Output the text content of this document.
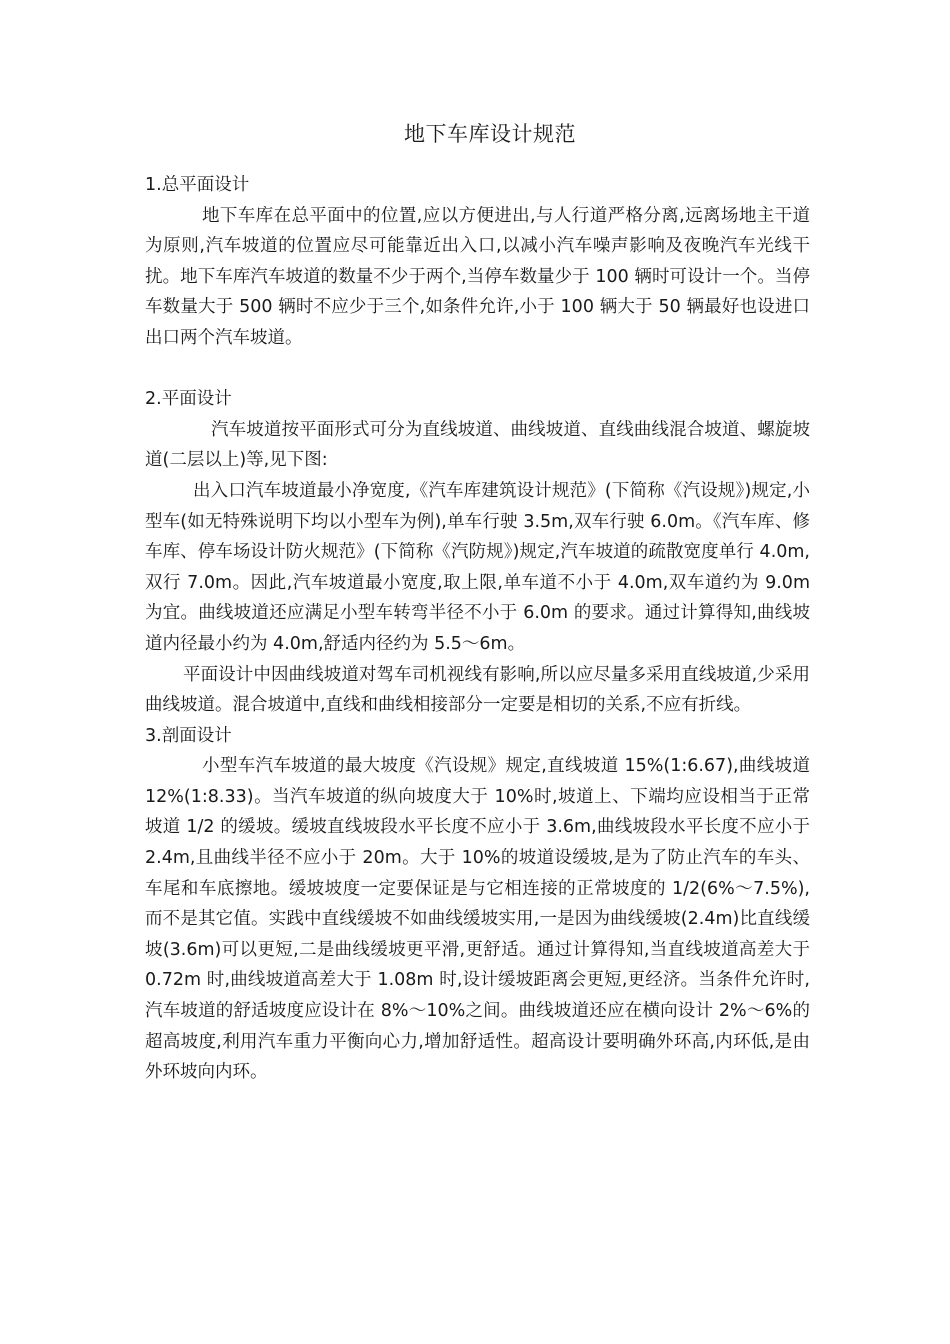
地下车库设计规范

1.总平面设计

地下车库在总平面中的位置,应以方便进出,与人行道严格分离,远离场地主干道为原则,汽车坡道的位置应尽可能靠近出入口,以减小汽车噪声影响及夜晚汽车光线干扰。地下车库汽车坡道的数量不少于两个,当停车数量少于 100 辆时可设计一个。当停车数量大于 500 辆时不应少于三个,如条件允许,小于 100 辆大于 50 辆最好也设进口出口两个汽车坡道。

2.平面设计

汽车坡道按平面形式可分为直线坡道、曲线坡道、直线曲线混合坡道、螺旋坡道(二层以上)等,见下图:

出入口汽车坡道最小净宽度,《汽车库建筑设计规范》(下简称《汽设规》)规定,小型车(如无特殊说明下均以小型车为例),单车行驶 3.5m,双车行驶 6.0m。《汽车库、修车库、停车场设计防火规范》(下简称《汽防规》)规定,汽车坡道的疏散宽度单行 4.0m,双行 7.0m。因此,汽车坡道最小宽度,取上限,单车道不小于 4.0m,双车道约为 9.0m 为宜。曲线坡道还应满足小型车转弯半径不小于 6.0m 的要求。通过计算得知,曲线坡道内径最小约为 4.0m,舒适内径约为 5.5～6m。

平面设计中因曲线坡道对驾车司机视线有影响,所以应尽量多采用直线坡道,少采用曲线坡道。混合坡道中,直线和曲线相接部分一定要是相切的关系,不应有折线。

3.剖面设计

小型车汽车坡道的最大坡度《汽设规》规定,直线坡道 15%(1:6.67),曲线坡道 12%(1:8.33)。当汽车坡道的纵向坡度大于 10%时,坡道上、下端均应设相当于正常坡道 1/2 的缓坡。缓坡直线坡段水平长度不应小于 3.6m,曲线坡段水平长度不应小于 2.4m,且曲线半径不应小于 20m。大于 10%的坡道设缓坡,是为了防止汽车的车头、车尾和车底擦地。缓坡坡度一定要保证是与它相连接的正常坡度的 1/2(6%～7.5%),而不是其它值。实践中直线缓坡不如曲线缓坡实用,一是因为曲线缓坡(2.4m)比直线缓坡(3.6m)可以更短,二是曲线缓坡更平滑,更舒适。通过计算得知,当直线坡道高差大于 0.72m 时,曲线坡道高差大于 1.08m 时,设计缓坡距离会更短,更经济。当条件允许时,汽车坡道的舒适坡度应设计在 8%～10%之间。曲线坡道还应在横向设计 2%～6%的超高坡度,利用汽车重力平衡向心力,增加舒适性。超高设计要明确外环高,内环低,是由外环坡向内环。
